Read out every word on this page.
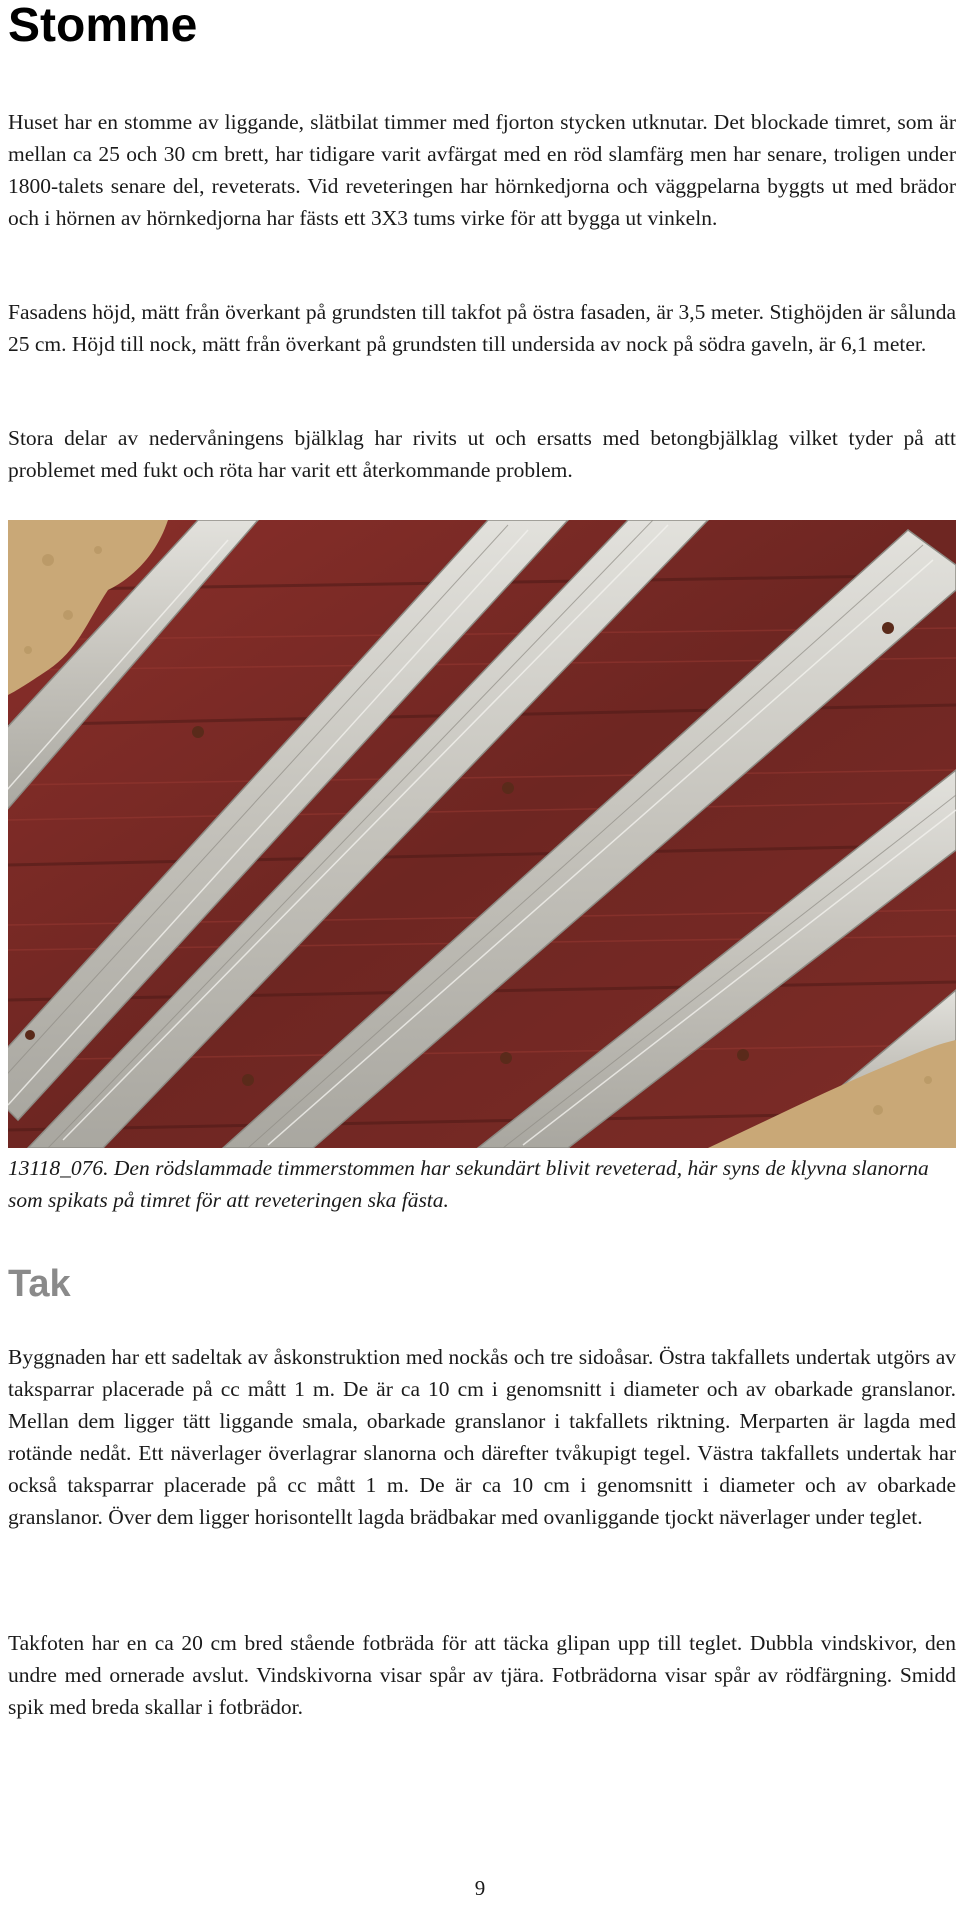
Stomme

Huset har en stomme av liggande, slätbilat timmer med fjorton stycken utknutar. Det blockade timret, som är mellan ca 25 och 30 cm brett, har tidigare varit avfärgat med en röd slamfärg men har senare, troligen under 1800-talets senare del, reveterats. Vid reveteringen har hörnkedjorna och väggpelarna byggts ut med brädor och i hörnen av hörnkedjorna har fästs ett 3X3 tums virke för att bygga ut vinkeln.

Fasadens höjd, mätt från överkant på grundsten till takfot på östra fasaden, är 3,5 meter. Stighöjden är sålunda 25 cm. Höjd till nock, mätt från överkant på grundsten till undersida av nock på södra gaveln, är 6,1 meter.

Stora delar av nedervåningens bjälklag har rivits ut och ersatts med betongbjälklag vilket tyder på att problemet med fukt och röta har varit ett återkommande problem.

13118_076. Den rödslammade timmerstommen har sekundärt blivit reveterad, här syns de klyvna slanorna som spikats på timret för att reveteringen ska fästa.

Tak

Byggnaden har ett sadeltak av åskonstruktion med nockås och tre sidoåsar. Östra takfallets undertak utgörs av taksparrar placerade på cc mått 1 m. De är ca 10 cm i genomsnitt i diameter och av obarkade granslanor. Mellan dem ligger tätt liggande smala, obarkade granslanor i takfallets riktning. Merparten är lagda med rotände nedåt. Ett näverlager överlagrar slanorna och därefter tvåkupigt tegel. Västra takfallets undertak har också taksparrar placerade på cc mått 1 m. De är ca 10 cm i genomsnitt i diameter och av obarkade granslanor. Över dem ligger horisontellt lagda brädbakar med ovanliggande tjockt näverlager under teglet.

Takfoten har en ca 20 cm bred stående fotbräda för att täcka glipan upp till teglet. Dubbla vindskivor, den undre med ornerade avslut. Vindskivorna visar spår av tjära. Fotbrädorna visar spår av rödfärgning. Smidd spik med breda skallar i fotbrädor.

9
